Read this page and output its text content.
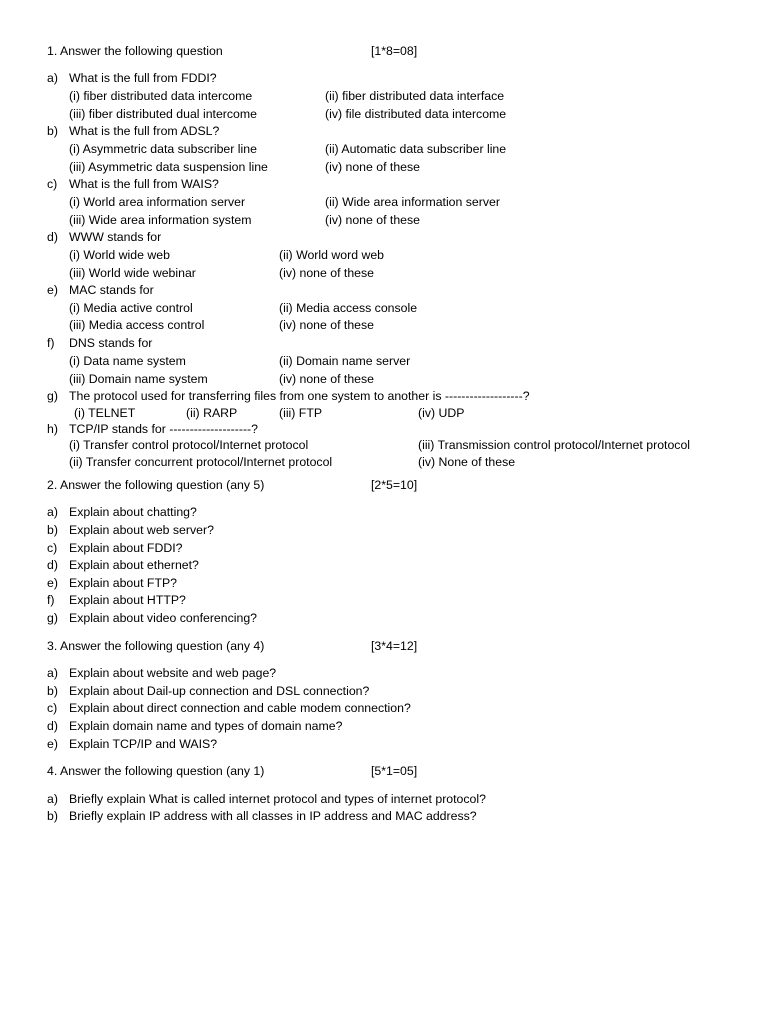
1. Answer the following question	[1*8=08]
a) What is the full from FDDI?
(i) fiber distributed data intercome	(ii) fiber distributed data interface
(iii) fiber distributed dual intercome	(iv) file distributed data intercome
b) What is the full from ADSL?
(i) Asymmetric data subscriber line	(ii) Automatic data subscriber line
(iii) Asymmetric data suspension line	(iv) none of these
c) What is the full from WAIS?
(i) World area information server	(ii) Wide area information server
(iii) Wide area information system	(iv) none of these
d) WWW stands for
(i) World wide web	(ii) World word web
(iii) World wide webinar	(iv) none of these
e) MAC stands for
(i) Media active control	(ii) Media access console
(iii) Media access control	(iv) none of these
f) DNS stands for
(i) Data name system	(ii) Domain name server
(iii) Domain name system	(iv) none of these
g) The protocol used for transferring files from one system to another is -------------------?
(i) TELNET	(ii) RARP	(iii) FTP	(iv) UDP
h) TCP/IP stands for --------------------?
(i) Transfer control protocol/Internet protocol	(iii) Transmission control protocol/Internet protocol
(ii) Transfer concurrent protocol/Internet protocol	(iv) None of these
2. Answer the following question (any 5)	[2*5=10]
a) Explain about chatting?
b) Explain about web server?
c) Explain about FDDI?
d) Explain about ethernet?
e) Explain about FTP?
f) Explain about HTTP?
g) Explain about video conferencing?
3. Answer the following question (any 4)	[3*4=12]
a) Explain about website and web page?
b) Explain about Dail-up connection and DSL connection?
c) Explain about direct connection and cable modem connection?
d) Explain domain name and types of domain name?
e) Explain TCP/IP and WAIS?
4. Answer the following question (any 1)	[5*1=05]
a) Briefly explain What is called internet protocol and types of internet protocol?
b) Briefly explain IP address with all classes in IP address and MAC address?
